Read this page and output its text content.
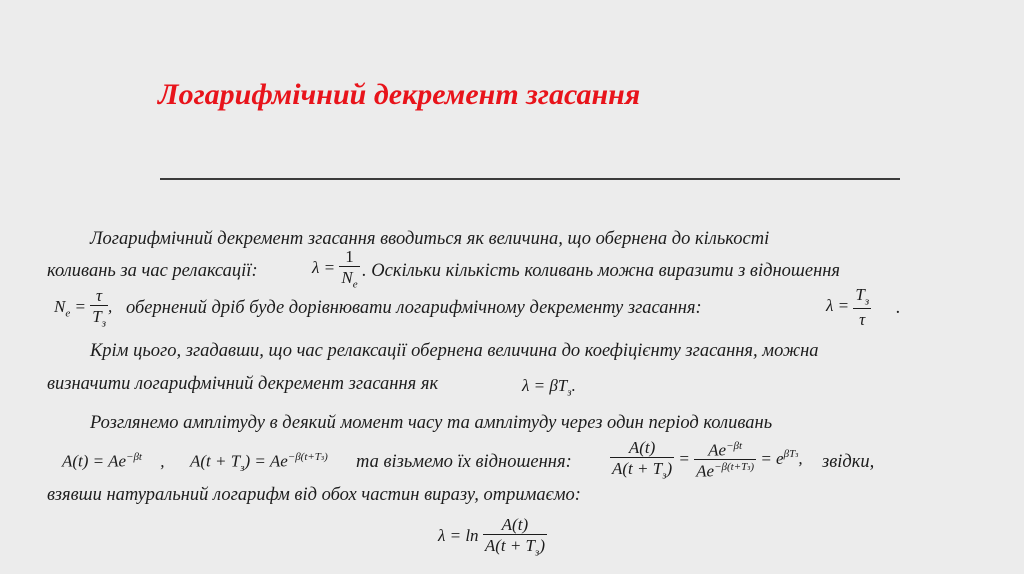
Логарифмічний декремент згасання
Логарифмічний декремент згасання вводиться як величина, що обернена до кількості
коливань за час релаксації:	$\lambda = \frac{1}{N_e}$ . Оскільки кількість коливань можна виразити з відношення
$N_e = \frac{\tau}{T_з}$ , обернений дріб буде дорівнювати логарифмічному декременту згасання:	$\lambda = \frac{T_з}{\tau}$ .
Крім цього, згадавши, що час релаксації обернена величина до коефіцієнту згасання, можна
визначити логарифмічний декремент згасання як	$\lambda = \beta T_з$.
Розглянемо амплітуду в деякий момент часу та амплітуду через один період коливань
$A(t) = Ae^{-\beta t}$ , $A(t + T_з) = Ae^{-\beta(t+Tз)}$ та візьмемо їх відношення: $\frac{A(t)}{A(t + T_з)} = \frac{Ae^{-\beta t}}{Ae^{-\beta(t+Tз)}} = e^{\beta Tз}$, звідки,
взявши натуральний логарифм від обох частин виразу, отримаємо:
$\lambda = \ln \frac{A(t)}{A(t + T_з)}$
